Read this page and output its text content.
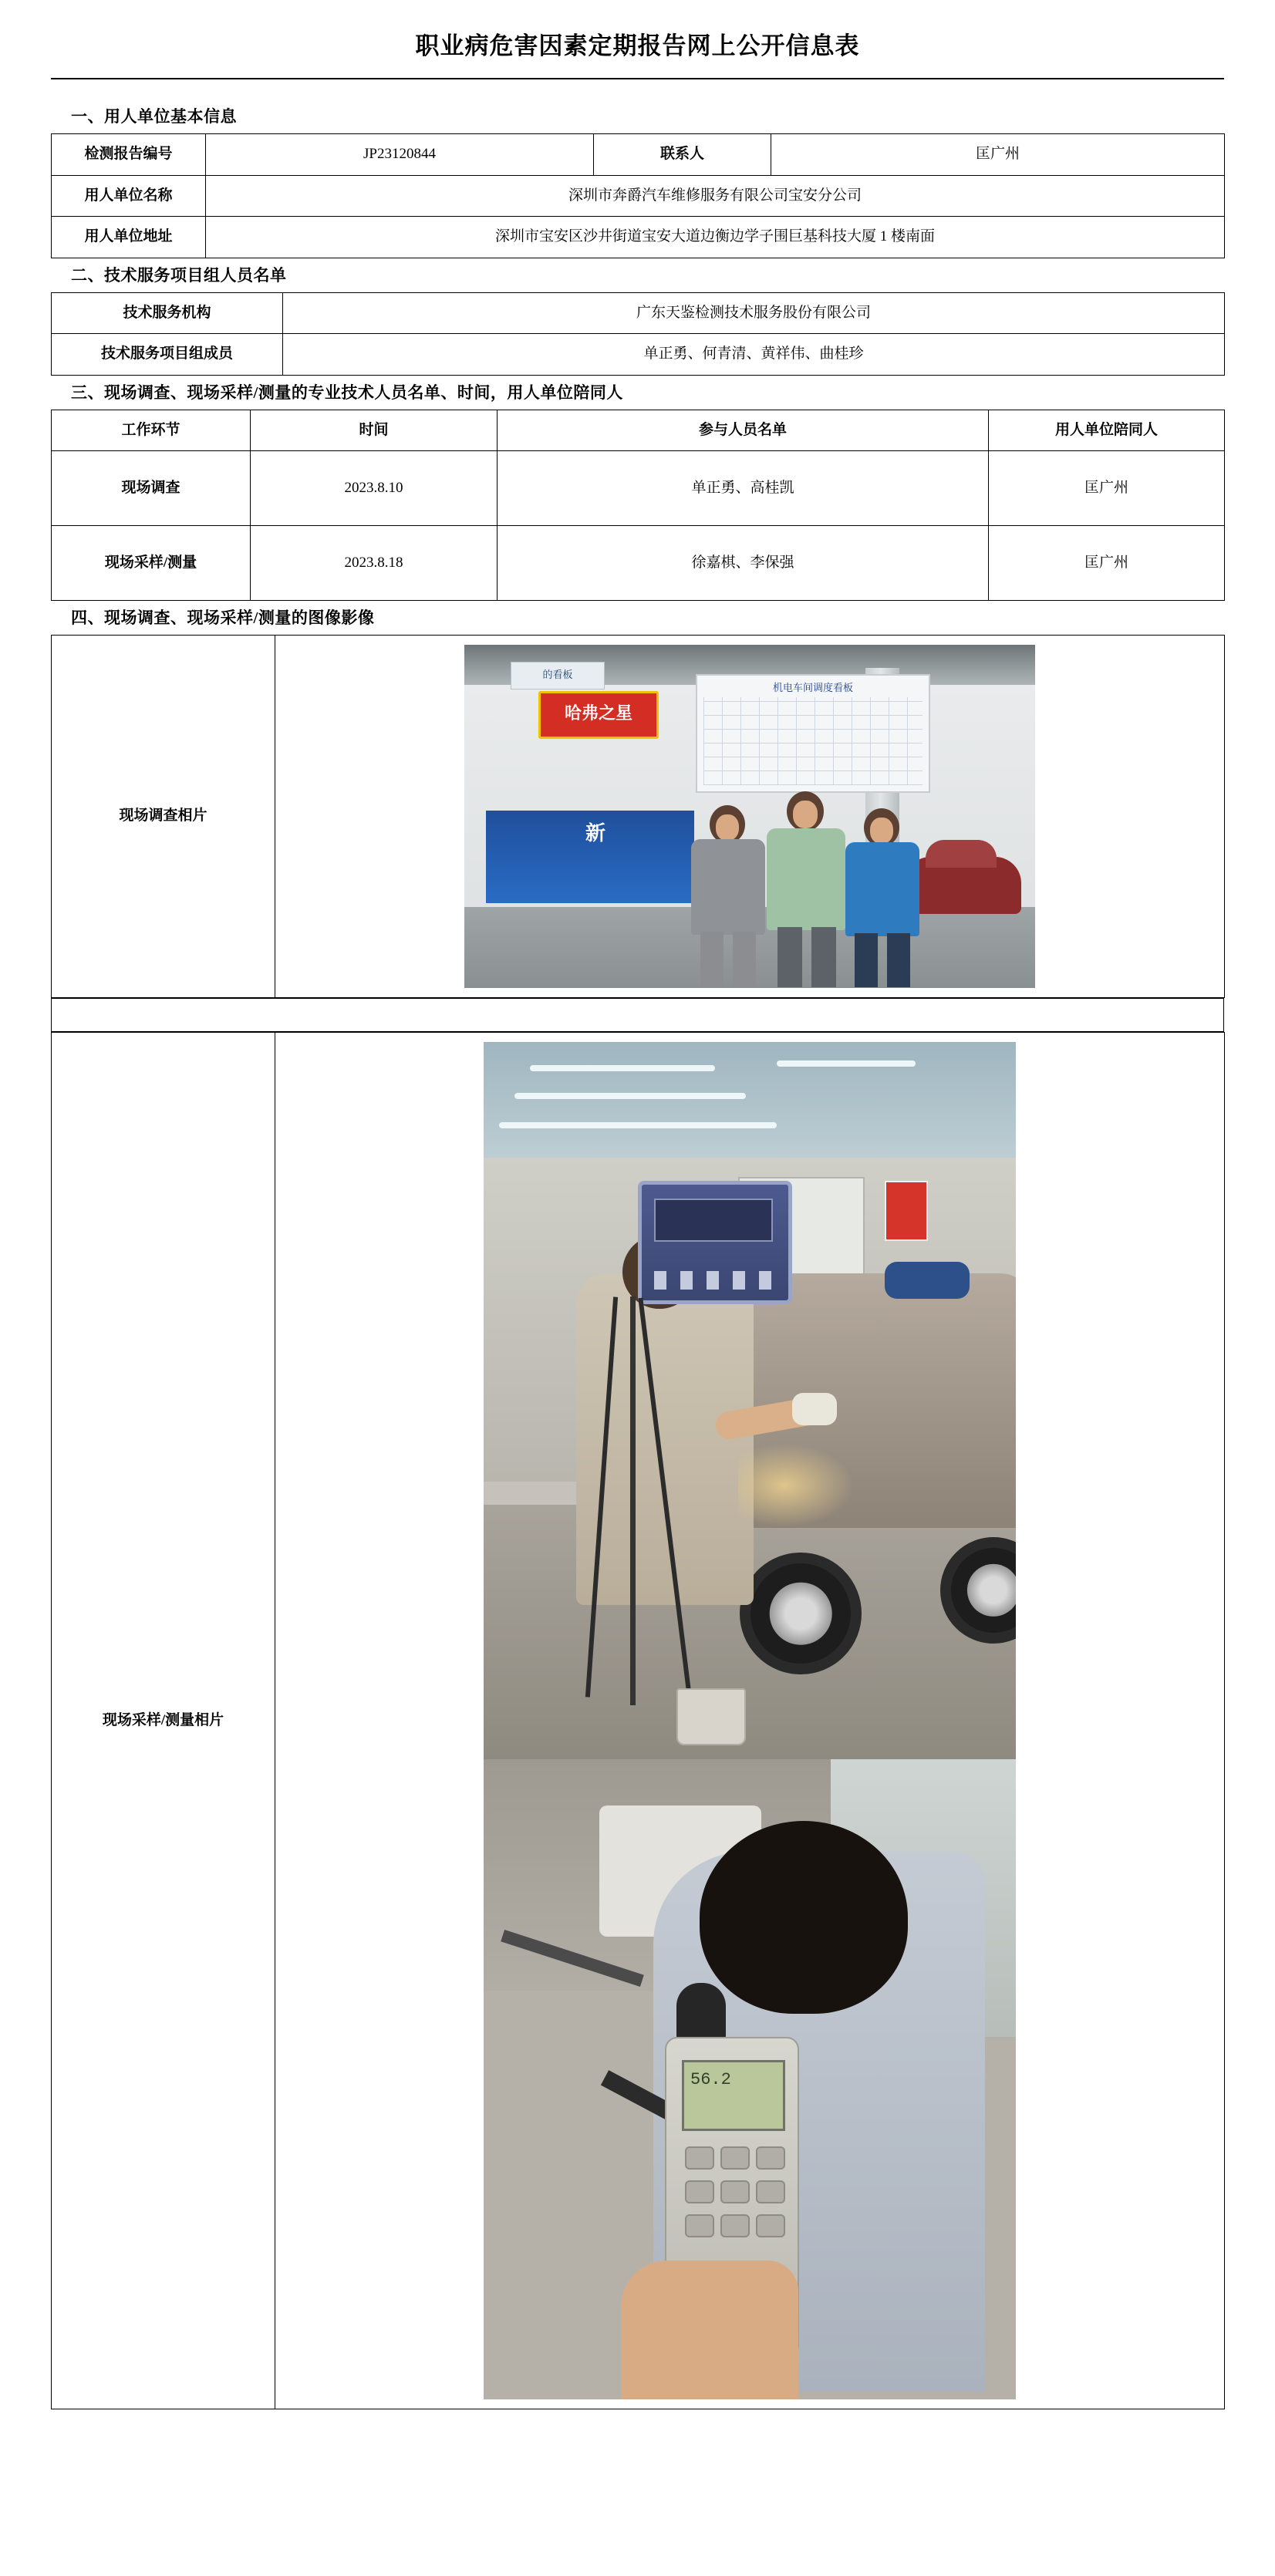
职业病危害因素定期报告网上公开信息表
一、用人单位基本信息
检测报告编号	JP23120844	联系人	匡广州
用人单位名称	深圳市奔爵汽车维修服务有限公司宝安分公司		
用人单位地址	深圳市宝安区沙井街道宝安大道边衡边学子围巨基科技大厦 1 楼南面		
二、技术服务项目组人员名单
技术服务机构	广东天鉴检测技术服务股份有限公司
技术服务项目组成员	单正勇、何青清、黄祥伟、曲桂珍
三、现场调查、现场采样/测量的专业技术人员名单、时间，用人单位陪同人
工作环节	时间	参与人员名单	用人单位陪同人
现场调查	2023.8.10	单正勇、高桂凯	匡广州
现场采样/测量	2023.8.18	徐嘉棋、李保强	匡广州
四、现场调查、现场采样/测量的图像影像
现场调查相片	
机电车间调度看板
的看板
哈弗之星
新
现场采样/测量相片	
56.2
